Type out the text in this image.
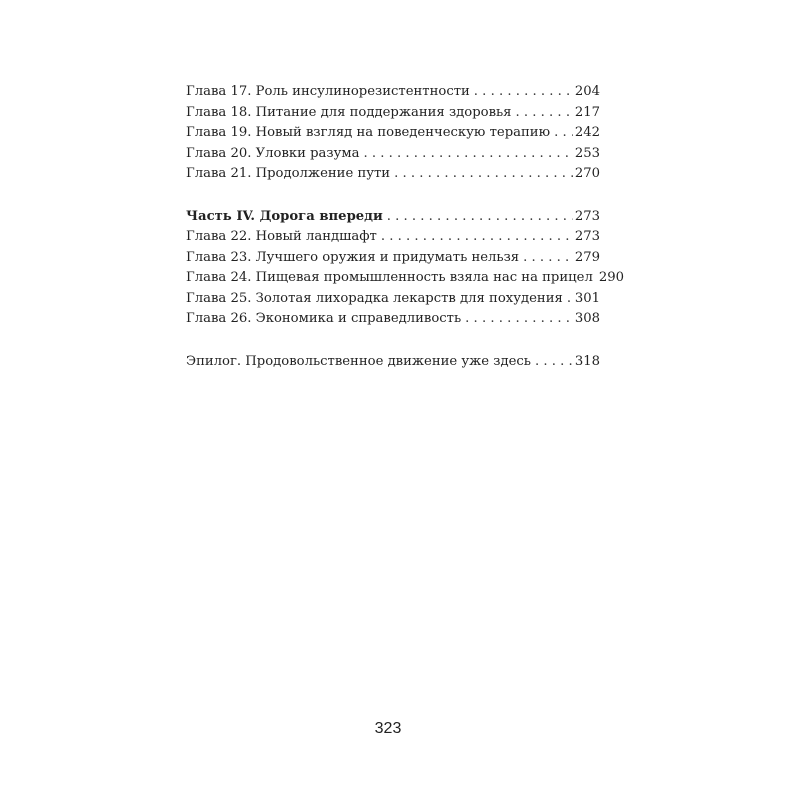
Глава 17. Роль инсулинорезистентности . . .	204
Глава 18. Питание для поддержания здоровья . . .	217
Глава 19. Новый взгляд на поведенческую терапию . . . 242
Глава 20. Уловки разума . . .	253
Глава 21. Продолжение пути . . .	270
Часть IV. Дорога впереди . . .	273
Глава 22. Новый ландшафт . . .	273
Глава 23. Лучшего оружия и придумать нельзя . . .	279
Глава 24. Пищевая промышленность взяла нас на прицел 290
Глава 25. Золотая лихорадка лекарств для похудения . . . 301
Глава 26. Экономика и справедливость . . .	308
Эпилог. Продовольственное движение уже здесь . . .	318
323
